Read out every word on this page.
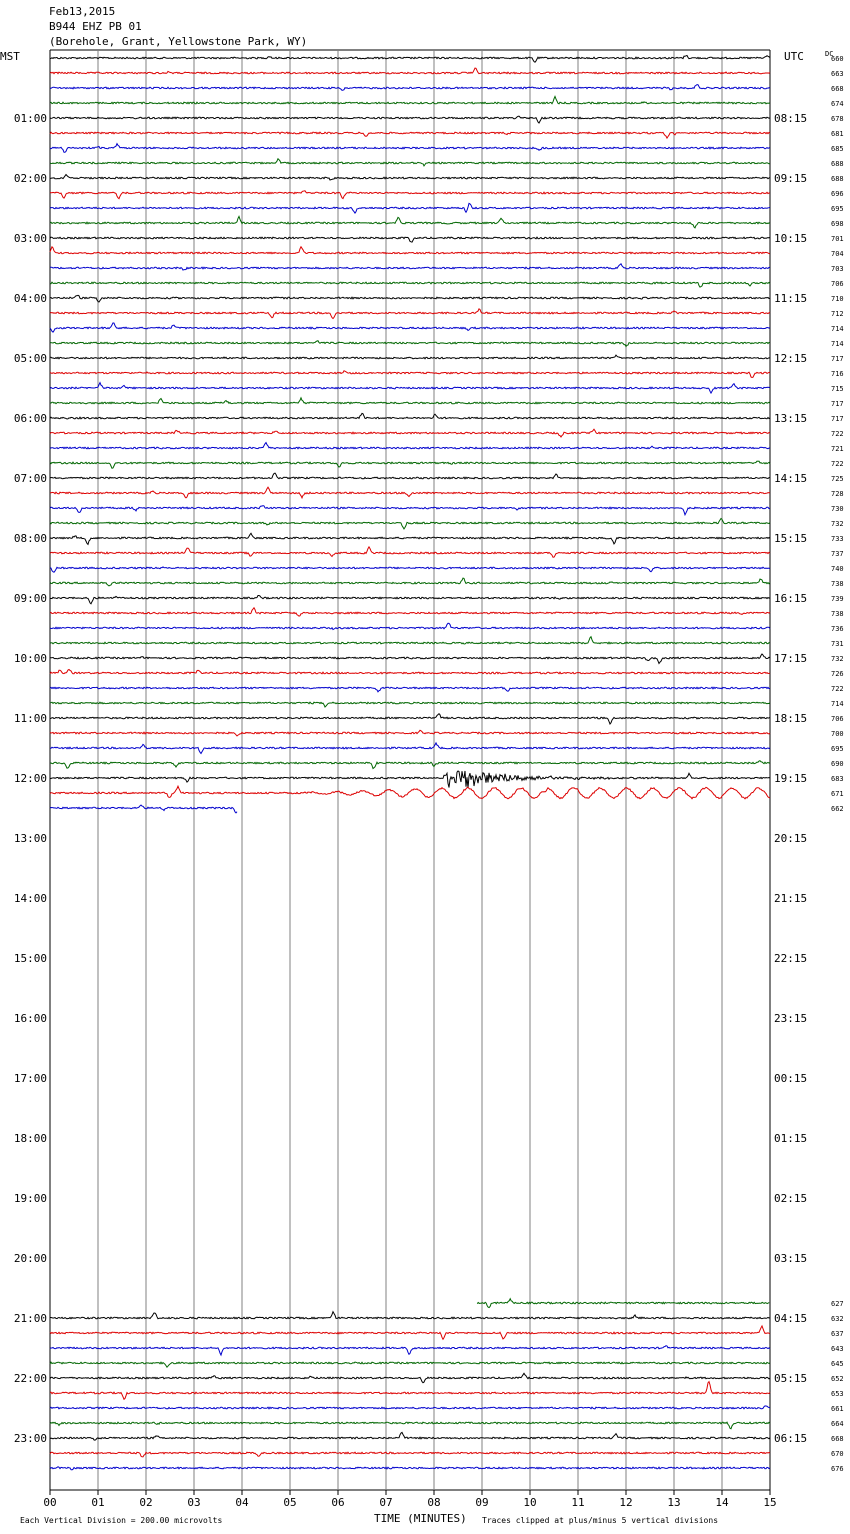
Feb13,2015
B944 EHZ PB 01
(Borehole, Grant, Yellowstone Park, WY)
00	01	02	03	04	05	06	07	08	09	10	11	12	13	14	15
01:00	08:15
02:00	09:15
03:00	10:15
04:00	11:15
05:00	12:15
06:00	13:15
07:00	14:15
08:00	15:15
09:00	16:15
10:00	17:15
11:00	18:15
12:00	19:15
13:00	20:15
14:00	21:15
15:00	22:15
16:00	23:15
17:00	00:15
18:00	01:15
19:00	02:15
20:00	03:15
21:00	04:15
22:00	05:15
23:00	06:15
660
663
668
674
678
681
685
688
688
696
695
698
701
704
703
706
710
712
714
714
717
716
715
717
717
722
721
722
725
728
730
732
733
737
740
738
739
738
736
731
732
726
722
714
706
700
695
690
683
671
662
627
632
637
643
645
652
653
661
664
668
670
676
MST	UTC	DC
Each Vertical Division = 200.00 microvolts	TIME (MINUTES) Traces clipped at plus/minus 5 vertical divisions
